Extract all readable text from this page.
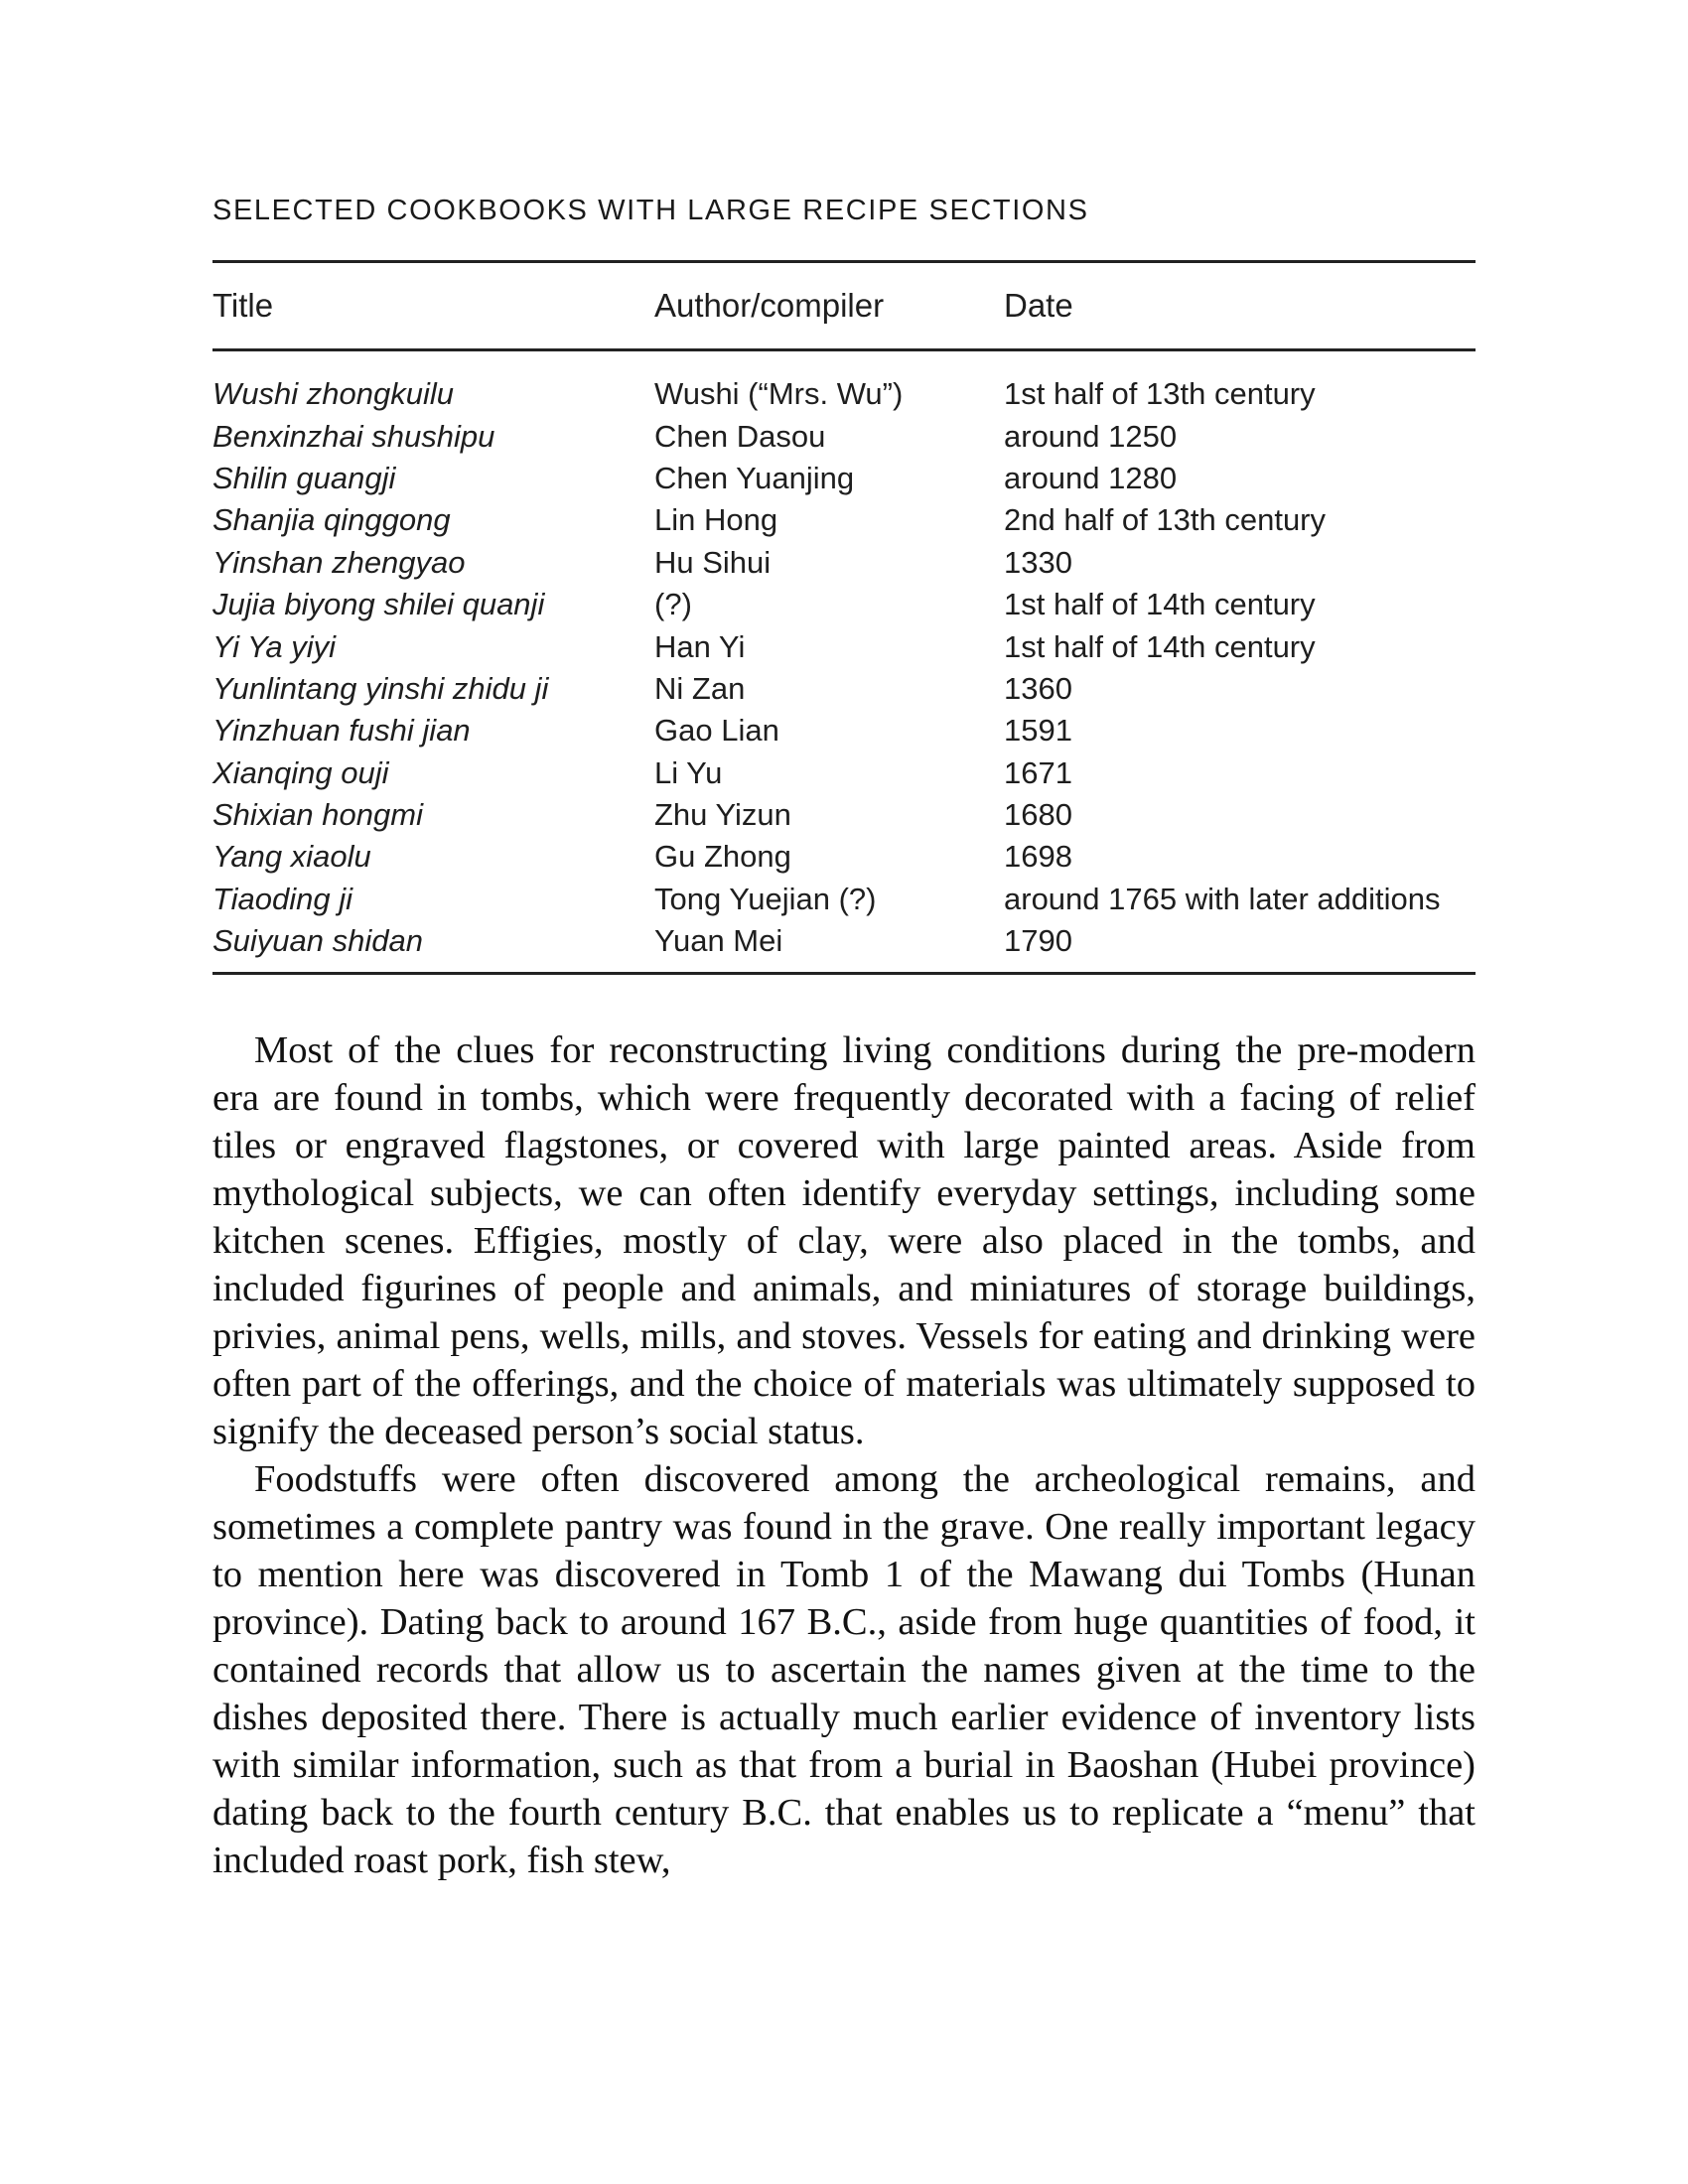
SELECTED COOKBOOKS WITH LARGE RECIPE SECTIONS
Title	Author/compiler	Date
Wushi zhongkuilu	Wushi (“Mrs. Wu”)	1st half of 13th century
Benxinzhai shushipu	Chen Dasou	around 1250
Shilin guangji	Chen Yuanjing	around 1280
Shanjia qinggong	Lin Hong	2nd half of 13th century
Yinshan zhengyao	Hu Sihui	1330
Jujia biyong shilei quanji	(?)	1st half of 14th century
Yi Ya yiyi	Han Yi	1st half of 14th century
Yunlintang yinshi zhidu ji	Ni Zan	1360
Yinzhuan fushi jian	Gao Lian	1591
Xianqing ouji	Li Yu	1671
Shixian hongmi	Zhu Yizun	1680
Yang xiaolu	Gu Zhong	1698
Tiaoding ji	Tong Yuejian (?)	around 1765 with later additions
Suiyuan shidan	Yuan Mei	1790

Most of the clues for reconstructing living conditions during the pre-modern era are found in tombs, which were frequently decorated with a facing of relief tiles or engraved flagstones, or covered with large painted areas. Aside from mythological subjects, we can often identify everyday settings, including some kitchen scenes. Effigies, mostly of clay, were also placed in the tombs, and included figurines of people and animals, and miniatures of storage buildings, privies, animal pens, wells, mills, and stoves. Vessels for eating and drinking were often part of the offerings, and the choice of materials was ultimately supposed to signify the deceased person’s social status.

Foodstuffs were often discovered among the archeological remains, and sometimes a complete pantry was found in the grave. One really important legacy to mention here was discovered in Tomb 1 of the Mawang dui Tombs (Hunan province). Dating back to around 167 B.C., aside from huge quantities of food, it contained records that allow us to ascertain the names given at the time to the dishes deposited there. There is actually much earlier evidence of inventory lists with similar information, such as that from a burial in Baoshan (Hubei province) dating back to the fourth century B.C. that enables us to replicate a “menu” that included roast pork, fish stew,
